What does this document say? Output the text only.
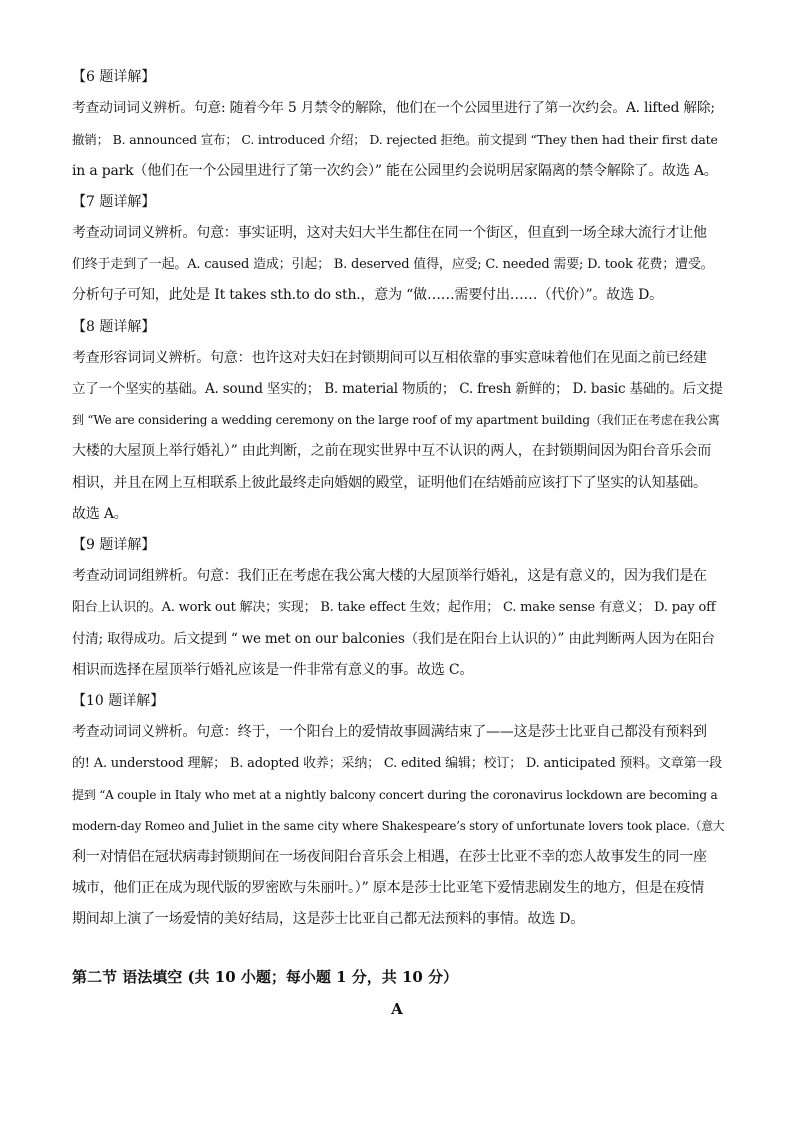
【6 题详解】
考查动词词义辨析。句意: 随着今年 5 月禁令的解除，他们在一个公园里进行了第一次约会。A. lifted 解除;
撤销； B. announced 宣布； C. introduced 介绍； D. rejected 拒绝。前文提到 “They then had their first date
in a park（他们在一个公园里进行了第一次约会）” 能在公园里约会说明居家隔离的禁令解除了。故选 A。
【7 题详解】
考查动词词义辨析。句意：事实证明，这对夫妇大半生都住在同一个街区，但直到一场全球大流行才让他
们终于走到了一起。A. caused 造成；引起； B. deserved 值得，应受; C. needed 需要; D. took 花费；遭受。
分析句子可知，此处是 It takes sth.to do sth.，意为 “做……需要付出……（代价）”。故选 D。
【8 题详解】
考查形容词词义辨析。句意：也许这对夫妇在封锁期间可以互相依靠的事实意味着他们在见面之前已经建
立了一个坚实的基础。A. sound 坚实的； B. material 物质的； C. fresh 新鲜的； D. basic 基础的。后文提
到 “We are considering a wedding ceremony on the large roof of my apartment building（我们正在考虑在我公寓
大楼的大屋顶上举行婚礼）” 由此判断，之前在现实世界中互不认识的两人，在封锁期间因为阳台音乐会而
相识，并且在网上互相联系上彼此最终走向婚姻的殿堂，证明他们在结婚前应该打下了坚实的认知基础。
故选 A。
【9 题详解】
考查动词词组辨析。句意：我们正在考虑在我公寓大楼的大屋顶举行婚礼，这是有意义的，因为我们是在
阳台上认识的。A. work out 解决；实现； B. take effect 生效；起作用； C. make sense 有意义； D. pay off
付清; 取得成功。后文提到 “ we met on our balconies（我们是在阳台上认识的）” 由此判断两人因为在阳台
相识而选择在屋顶举行婚礼应该是一件非常有意义的事。故选 C。
【10 题详解】
考查动词词义辨析。句意：终于，一个阳台上的爱情故事圆满结束了——这是莎士比亚自己都没有预料到
的! A. understood 理解； B. adopted 收养；采纳； C. edited 编辑；校订； D. anticipated 预料。文章第一段
提到 “A couple in Italy who met at a nightly balcony concert during the coronavirus lockdown are becoming a
modern-day Romeo and Juliet in the same city where Shakespeare’s story of unfortunate lovers took place.（意大
利一对情侣在冠状病毒封锁期间在一场夜间阳台音乐会上相遇，在莎士比亚不幸的恋人故事发生的同一座
城市，他们正在成为现代版的罗密欧与朱丽叶。）” 原本是莎士比亚笔下爱情悲剧发生的地方，但是在疫情
期间却上演了一场爱情的美好结局，这是莎士比亚自己都无法预料的事情。故选 D。
第二节 语法填空 (共 10 小题；每小题 1 分，共 10 分）
A
